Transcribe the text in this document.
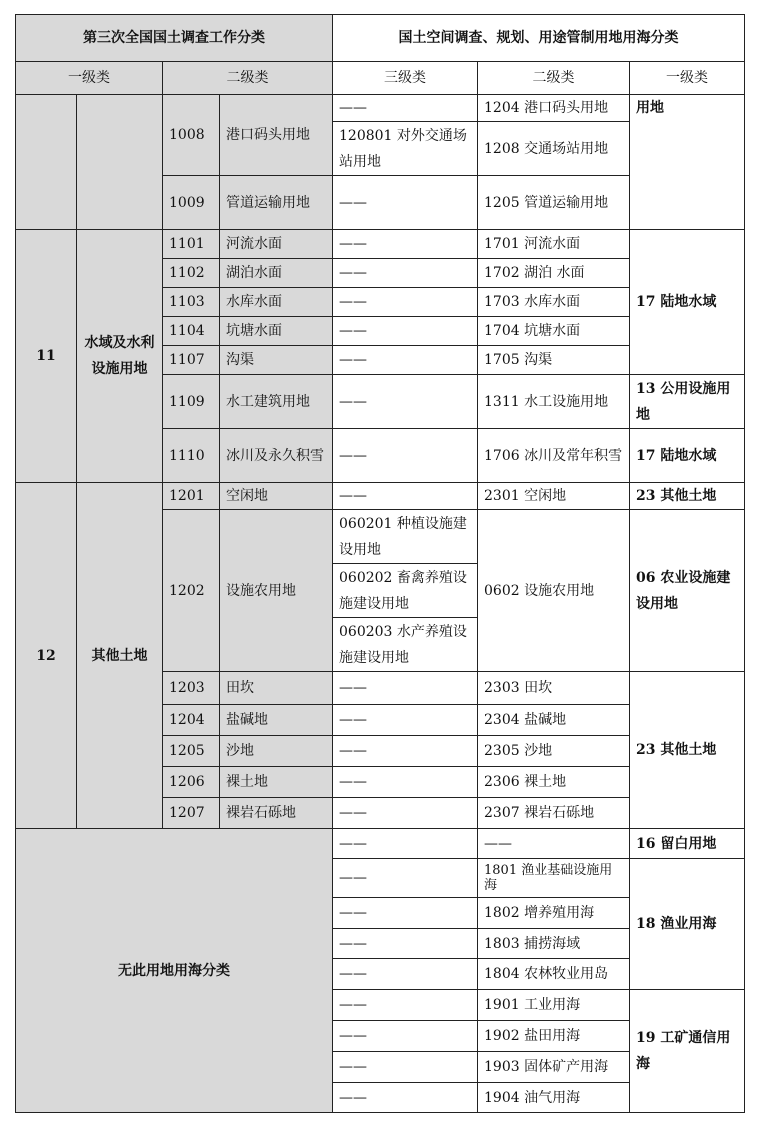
第三次全国国土调查工作分类				国土空间调查、规划、用途管制用地用海分类		
一级类		二级类		三级类	二级类	一级类
		1008	港口码头用地	——	1204 港口码头用地	用地
				120801 对外交通场站用地	1208 交通场站用地	
		1009	管道运输用地	——	1205 管道运输用地	
11	水域及水利设施用地	1101	河流水面	——	1701 河流水面	17 陆地水域
		1102	湖泊水面	——	1702 湖泊 水面	
		1103	水库水面	——	1703 水库水面	
		1104	坑塘水面	——	1704 坑塘水面	
		1107	沟渠	——	1705 沟渠	
		1109	水工建筑用地	——	1311 水工设施用地	13 公用设施用地
		1110	冰川及永久积雪	——	1706 冰川及常年积雪	17 陆地水域
12	其他土地	1201	空闲地	——	2301 空闲地	23 其他土地
		1202	设施农用地	060201 种植设施建设用地	0602 设施农用地	06 农业设施建设用地
				060202 畜禽养殖设施建设用地		
				060203 水产养殖设施建设用地		
		1203	田坎	——	2303 田坎	23 其他土地
		1204	盐碱地	——	2304 盐碱地	
		1205	沙地	——	2305 沙地	
		1206	裸土地	——	2306 裸土地	
		1207	裸岩石砾地	——	2307 裸岩石砾地	
无此用地用海分类				——	——	16 留白用地
				——	1801 渔业基础设施用海	18 渔业用海
				——	1802 增养殖用海	
				——	1803 捕捞海域	
				——	1804 农林牧业用岛	
				——	1901 工业用海	19 工矿通信用海
				——	1902 盐田用海	
				——	1903 固体矿产用海	
				——	1904 油气用海	
